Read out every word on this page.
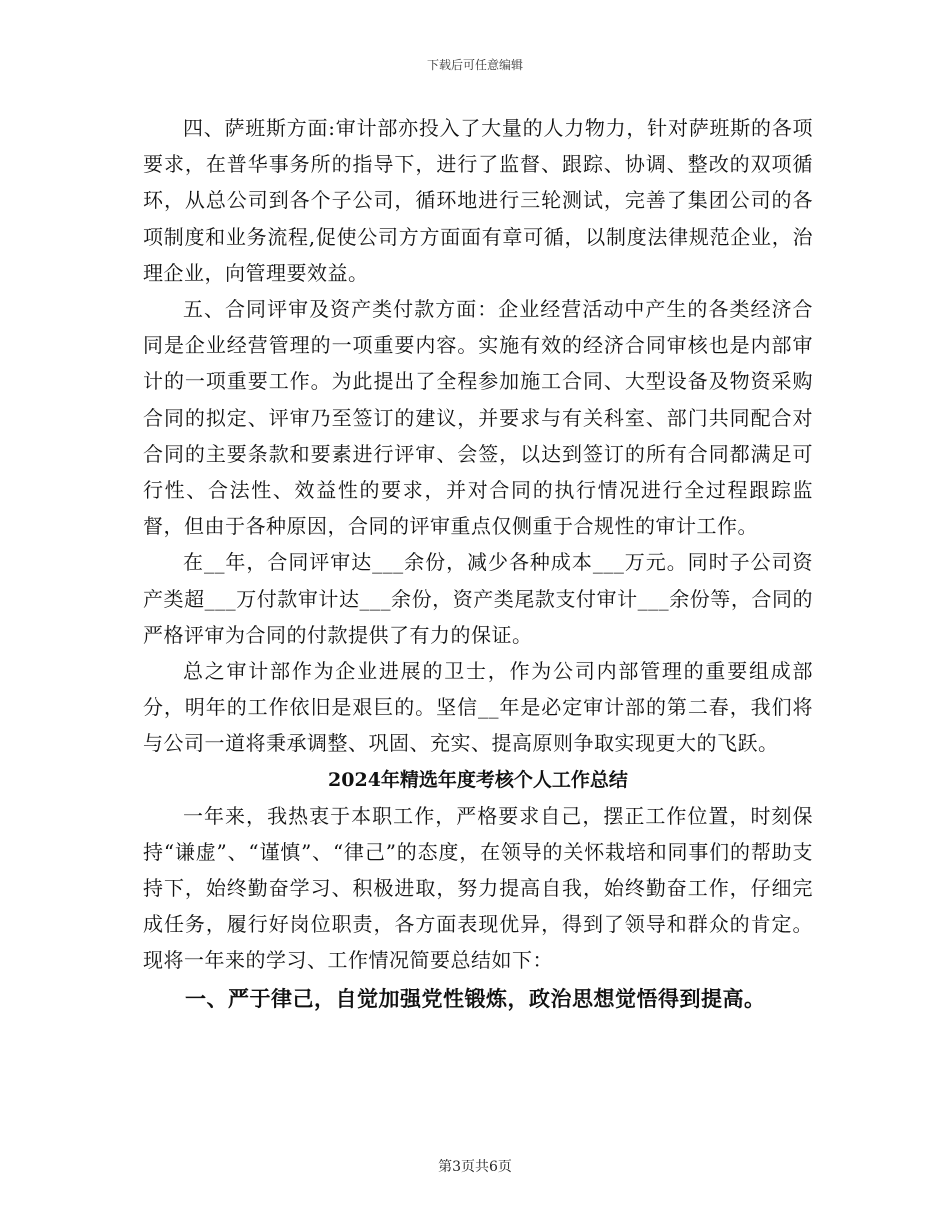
下载后可任意编辑

四、萨班斯方面:审计部亦投入了大量的人力物力，针对萨班斯的各项要求，在普华事务所的指导下，进行了监督、跟踪、协调、整改的双项循环，从总公司到各个子公司，循环地进行三轮测试，完善了集团公司的各项制度和业务流程,促使公司方方面面有章可循，以制度法律规范企业，治理企业，向管理要效益。

五、合同评审及资产类付款方面：企业经营活动中产生的各类经济合同是企业经营管理的一项重要内容。实施有效的经济合同审核也是内部审计的一项重要工作。为此提出了全程参加施工合同、大型设备及物资采购合同的拟定、评审乃至签订的建议，并要求与有关科室、部门共同配合对合同的主要条款和要素进行评审、会签，以达到签订的所有合同都满足可行性、合法性、效益性的要求，并对合同的执行情况进行全过程跟踪监督，但由于各种原因，合同的评审重点仅侧重于合规性的审计工作。

在__年，合同评审达___余份，减少各种成本___万元。同时子公司资产类超___万付款审计达___余份，资产类尾款支付审计___余份等，合同的严格评审为合同的付款提供了有力的保证。

总之审计部作为企业进展的卫士，作为公司内部管理的重要组成部分，明年的工作依旧是艰巨的。坚信__年是必定审计部的第二春，我们将与公司一道将秉承调整、巩固、充实、提高原则争取实现更大的飞跃。

2024年精选年度考核个人工作总结

一年来，我热衷于本职工作，严格要求自己，摆正工作位置，时刻保持“谦虚”、“谨慎”、“律己”的态度，在领导的关怀栽培和同事们的帮助支持下，始终勤奋学习、积极进取，努力提高自我，始终勤奋工作，仔细完成任务，履行好岗位职责，各方面表现优异，得到了领导和群众的肯定。现将一年来的学习、工作情况简要总结如下：

一、严于律己，自觉加强党性锻炼，政治思想觉悟得到提高。

第3页共6页
